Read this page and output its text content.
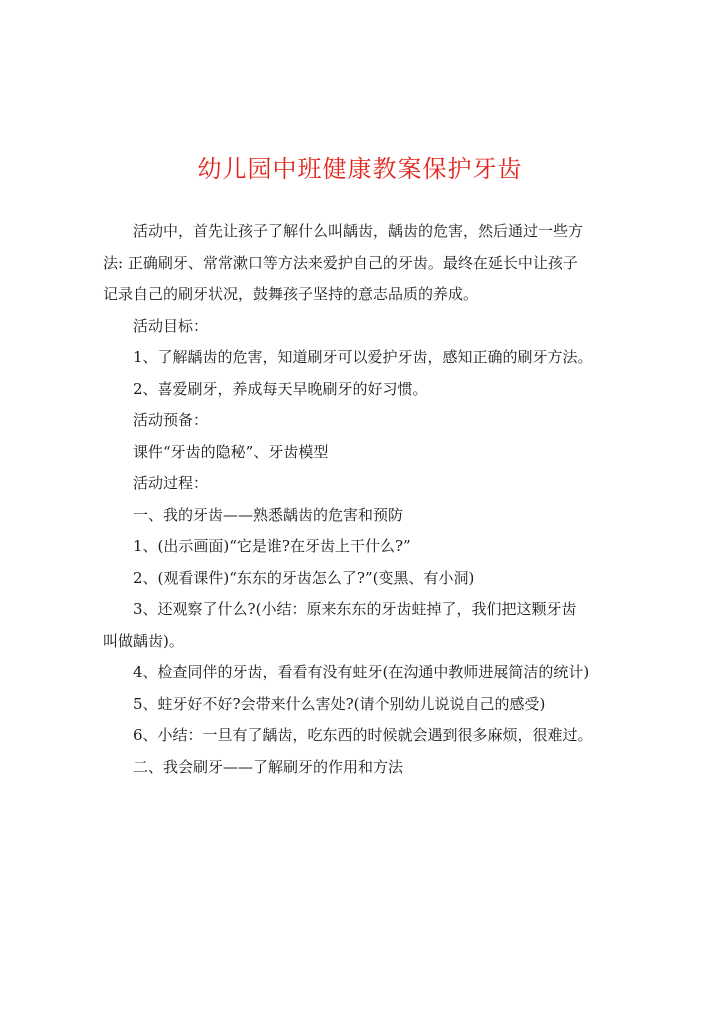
幼儿园中班健康教案保护牙齿
活动中，首先让孩子了解什么叫龋齿，龋齿的危害，然后通过一些方
法: 正确刷牙、常常漱口等方法来爱护自己的牙齿。最终在延长中让孩子
记录自己的刷牙状况，鼓舞孩子坚持的意志品质的养成。
活动目标：
1、了解龋齿的危害，知道刷牙可以爱护牙齿，感知正确的刷牙方法。
2、喜爱刷牙，养成每天早晚刷牙的好习惯。
活动预备：
课件“牙齿的隐秘”、牙齿模型
活动过程：
一、我的牙齿——熟悉龋齿的危害和预防
1、(出示画面)“它是谁?在牙齿上干什么?”
2、(观看课件)“东东的牙齿怎么了?”(变黑、有小洞)
3、还观察了什么?(小结：原来东东的牙齿蛀掉了，我们把这颗牙齿
叫做龋齿)。
4、检查同伴的牙齿，看看有没有蛀牙(在沟通中教师进展简洁的统计)
5、蛀牙好不好?会带来什么害处?(请个别幼儿说说自己的感受)
6、小结：一旦有了龋齿，吃东西的时候就会遇到很多麻烦，很难过。
二、我会刷牙——了解刷牙的作用和方法
